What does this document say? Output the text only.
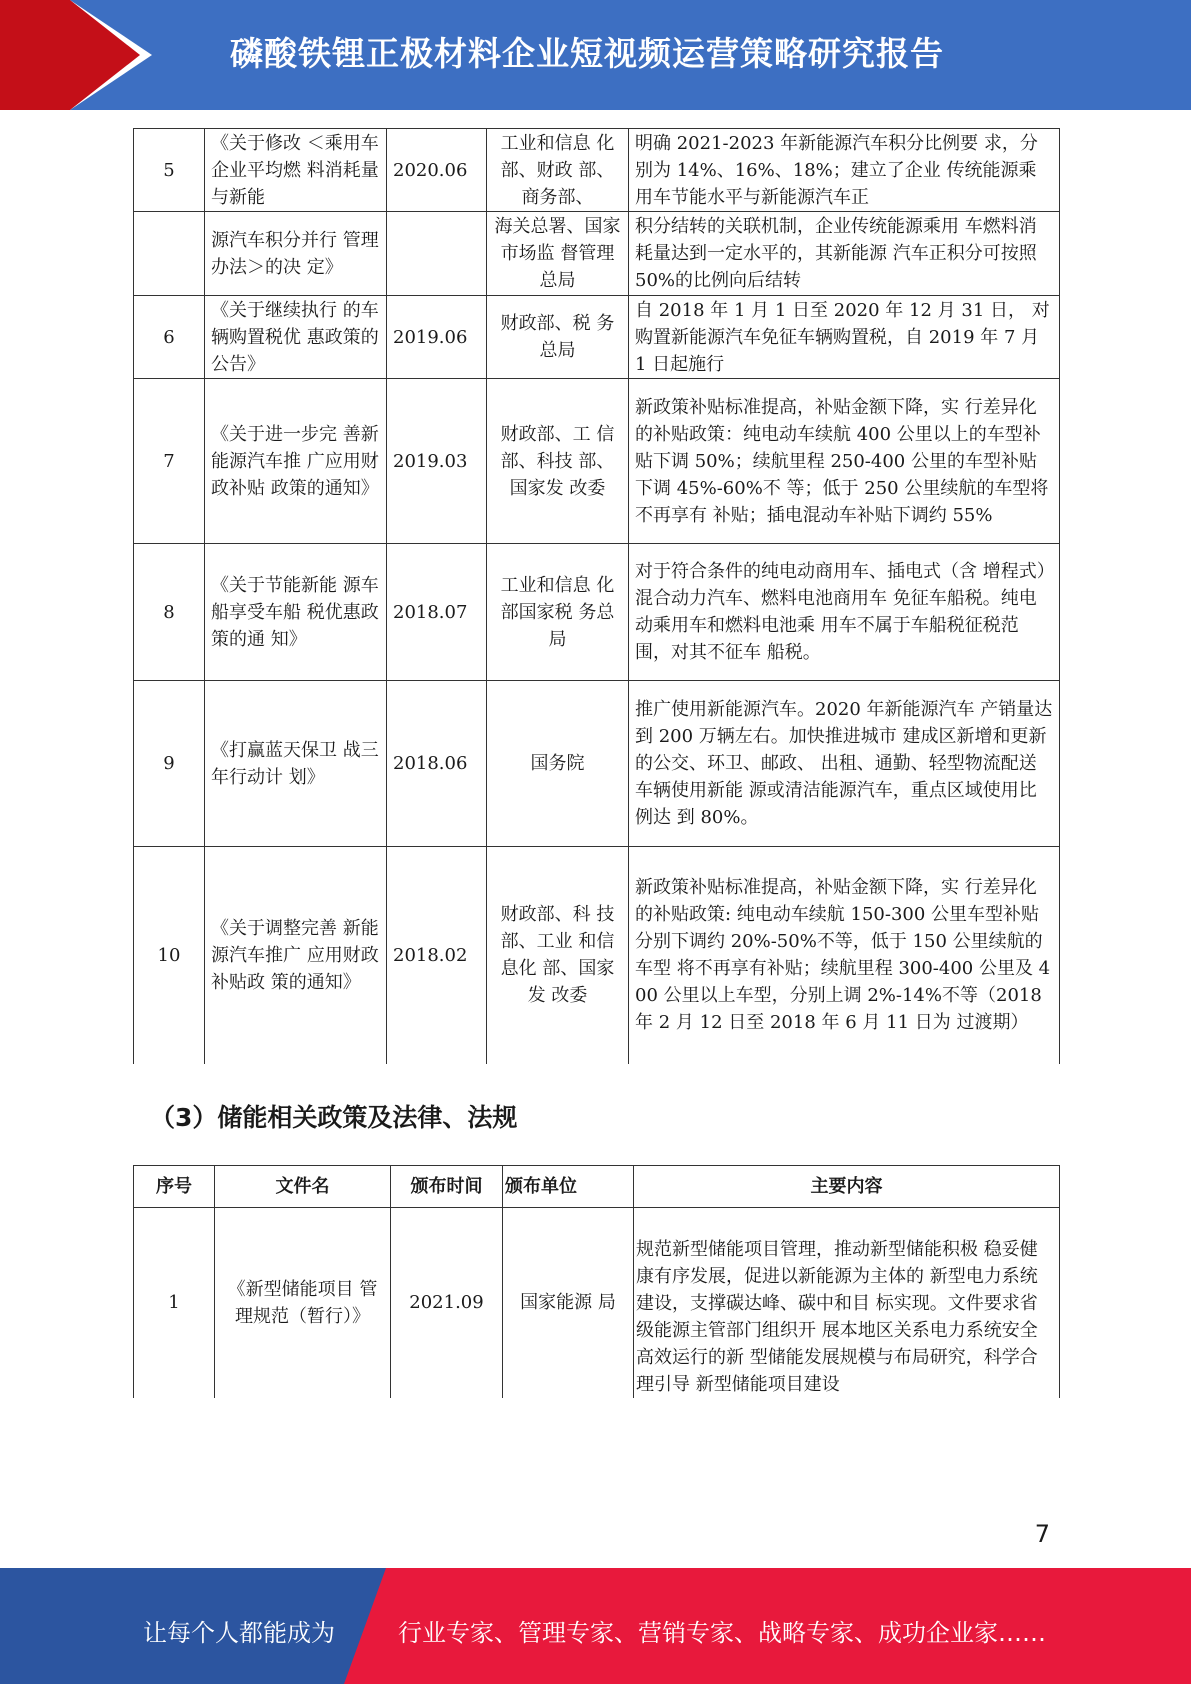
磷酸铁锂正极材料企业短视频运营策略研究报告
5	《关于修改 ＜乘用车企业平均燃 料消耗量与新能	2020.06	工业和信息 化部、财政 部、商务部、	明确 2021-2023 年新能源汽车积分比例要 求，分别为 14%、16%、18%；建立了企业 传统能源乘用车节能水平与新能源汽车正
	源汽车积分并行 管理办法＞的决 定》		海关总署、国家市场监 督管理总局	积分结转的关联机制，企业传统能源乘用 车燃料消耗量达到一定水平的，其新能源 汽车正积分可按照 50%的比例向后结转
6	《关于继续执行 的车辆购置税优 惠政策的公告》	2019.06	财政部、税 务总局	自 2018 年 1 月 1 日至 2020 年 12 月 31 日， 对购置新能源汽车免征车辆购置税，自 2019 年 7 月 1 日起施行
7	《关于进一步完 善新能源汽车推 广应用财政补贴 政策的通知》	2019.03	财政部、工 信部、科技 部、国家发 改委	新政策补贴标准提高，补贴金额下降，实 行差异化的补贴政策：纯电动车续航 400 公里以上的车型补贴下调 50%；续航里程 250-400 公里的车型补贴下调 45%-60%不 等；低于 250 公里续航的车型将不再享有 补贴；插电混动车补贴下调约 55%
8	《关于节能新能 源车船享受车船 税优惠政策的通 知》	2018.07	工业和信息 化部国家税 务总局	对于符合条件的纯电动商用车、插电式（含 增程式）混合动力汽车、燃料电池商用车 免征车船税。纯电动乘用车和燃料电池乘 用车不属于车船税征税范围，对其不征车 船税。
9	《打赢蓝天保卫 战三年行动计 划》	2018.06	国务院	推广使用新能源汽车。2020 年新能源汽车 产销量达到 200 万辆左右。加快推进城市 建成区新增和更新的公交、环卫、邮政、 出租、通勤、轻型物流配送车辆使用新能 源或清洁能源汽车，重点区域使用比例达 到 80%。
10	《关于调整完善 新能源汽车推广 应用财政补贴政 策的通知》	2018.02	财政部、科 技部、工业 和信息化 部、国家发 改委	新政策补贴标准提高，补贴金额下降，实 行差异化的补贴政策: 纯电动车续航 150-300 公里车型补贴分别下调约 20%-50%不等，低于 150 公里续航的车型 将不再享有补贴；续航里程 300-400 公里及 400 公里以上车型，分别上调 2%-14%不等（2018 年 2 月 12 日至 2018 年 6 月 11 日为 过渡期）
（3）储能相关政策及法律、法规
序号	文件名	颁布时间	颁布单位	主要内容
1	《新型储能项目 管理规范（暂行）》	2021.09	国家能源 局	规范新型储能项目管理，推动新型储能积极 稳妥健康有序发展，促进以新能源为主体的 新型电力系统建设，支撑碳达峰、碳中和目 标实现。文件要求省级能源主管部门组织开 展本地区关系电力系统安全高效运行的新 型储能发展规模与布局研究，科学合理引导 新型储能项目建设
7
让每个人都能成为	行业专家、管理专家、营销专家、战略专家、成功企业家……
